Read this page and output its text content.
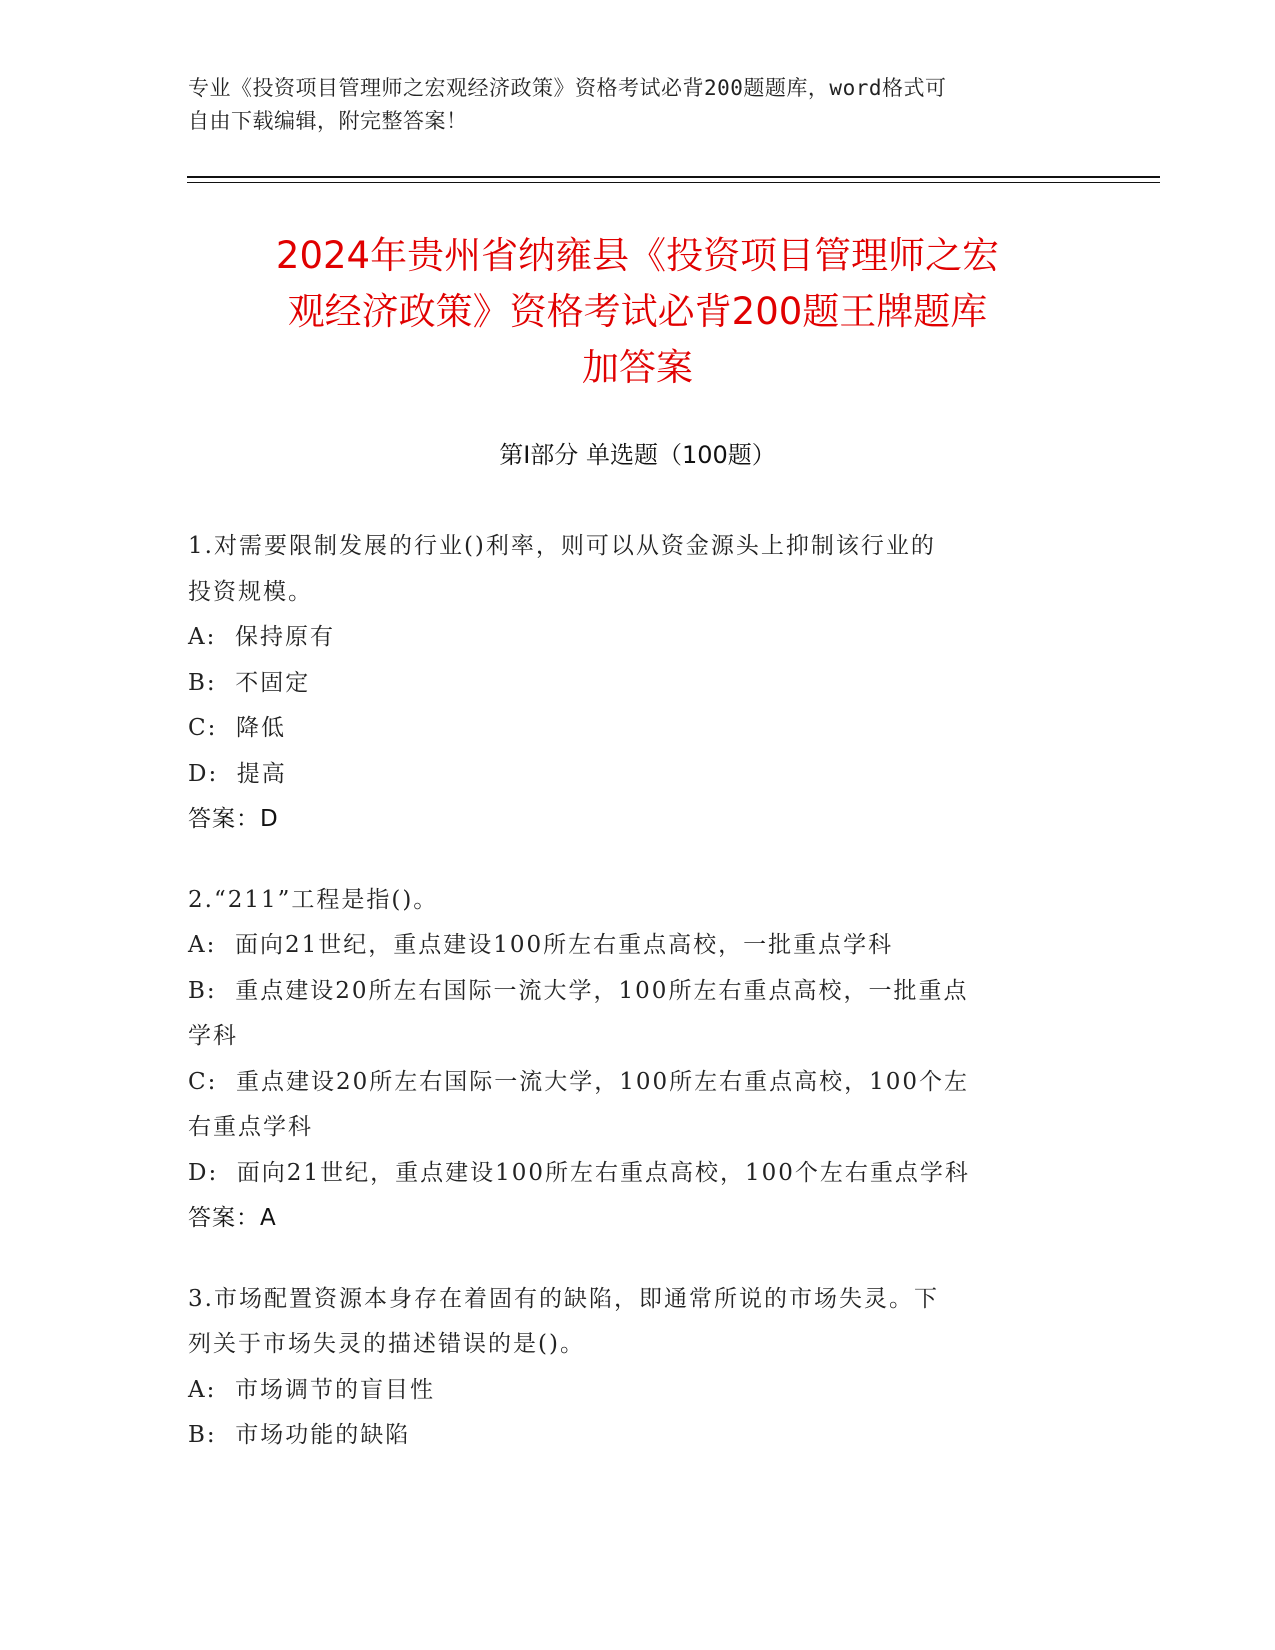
专业《投资项目管理师之宏观经济政策》资格考试必背200题题库，word格式可
自由下载编辑，附完整答案！
2024年贵州省纳雍县《投资项目管理师之宏
观经济政策》资格考试必背200题王牌题库
加答案
第Ⅰ部分 单选题（100题）
1.对需要限制发展的行业()利率，则可以从资金源头上抑制该行业的
投资规模。
A:  保持原有
B:  不固定
C:  降低
D:  提高
答案：D
2.“211”工程是指()。
A:  面向21世纪，重点建设100所左右重点高校，一批重点学科
B:  重点建设20所左右国际一流大学，100所左右重点高校，一批重点
学科
C:  重点建设20所左右国际一流大学，100所左右重点高校，100个左
右重点学科
D:  面向21世纪，重点建设100所左右重点高校，100个左右重点学科
答案：A
3.市场配置资源本身存在着固有的缺陷，即通常所说的市场失灵。下
列关于市场失灵的描述错误的是()。
A:  市场调节的盲目性
B:  市场功能的缺陷
